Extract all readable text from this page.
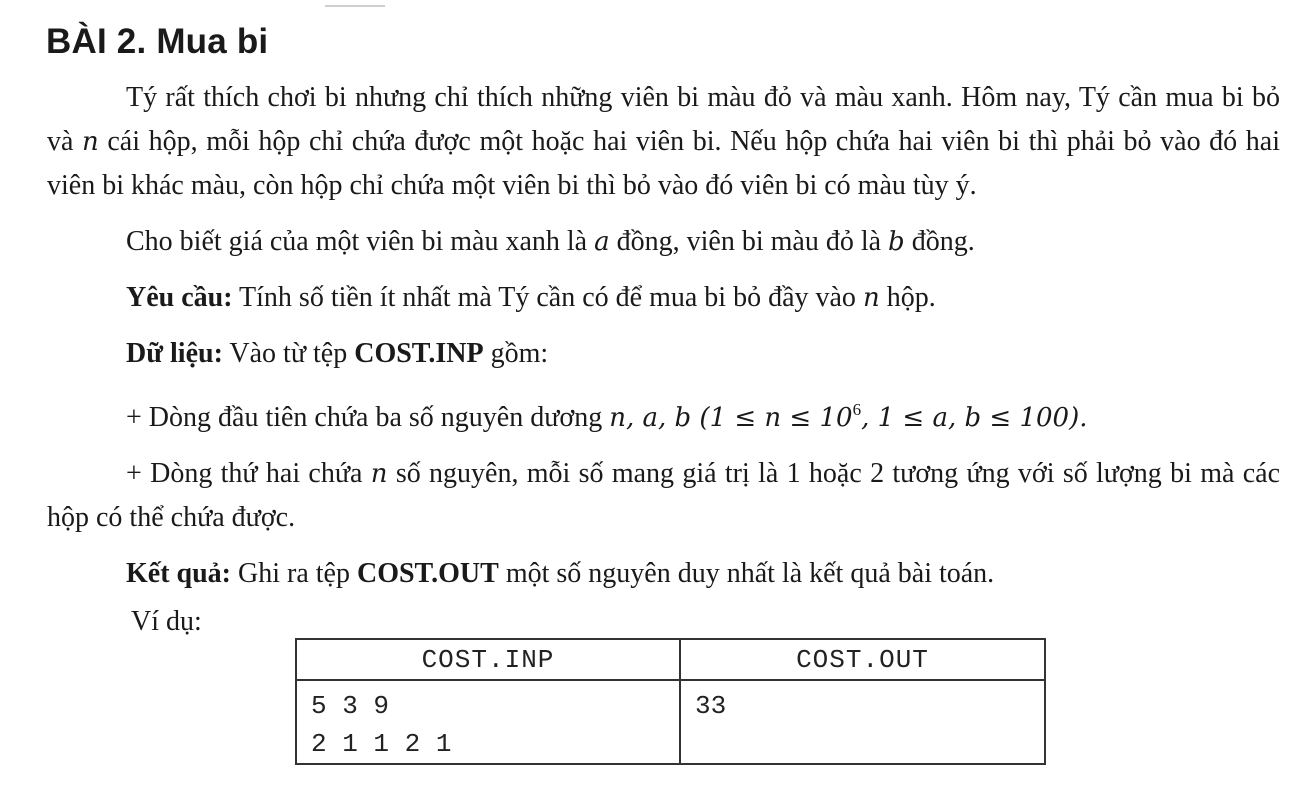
BÀI 2. Mua bi

Tý rất thích chơi bi nhưng chỉ thích những viên bi màu đỏ và màu xanh. Hôm nay, Tý cần mua bi bỏ và n cái hộp, mỗi hộp chỉ chứa được một hoặc hai viên bi. Nếu hộp chứa hai viên bi thì phải bỏ vào đó hai viên bi khác màu, còn hộp chỉ chứa một viên bi thì bỏ vào đó viên bi có màu tùy ý.

Cho biết giá của một viên bi màu xanh là a đồng, viên bi màu đỏ là b đồng.

Yêu cầu: Tính số tiền ít nhất mà Tý cần có để mua bi bỏ đầy vào n hộp.

Dữ liệu: Vào từ tệp COST.INP gồm:

+ Dòng đầu tiên chứa ba số nguyên dương n, a, b ($1 \le n \le 10^6$, 1 ≤ a, b ≤ 100).

+ Dòng thứ hai chứa n số nguyên, mỗi số mang giá trị là 1 hoặc 2 tương ứng với số lượng bi mà các hộp có thể chứa được.

Kết quả: Ghi ra tệp COST.OUT một số nguyên duy nhất là kết quả bài toán.

Ví dụ:
COST.INP	COST.OUT

5 3 9
2 1 1 2 1	33
